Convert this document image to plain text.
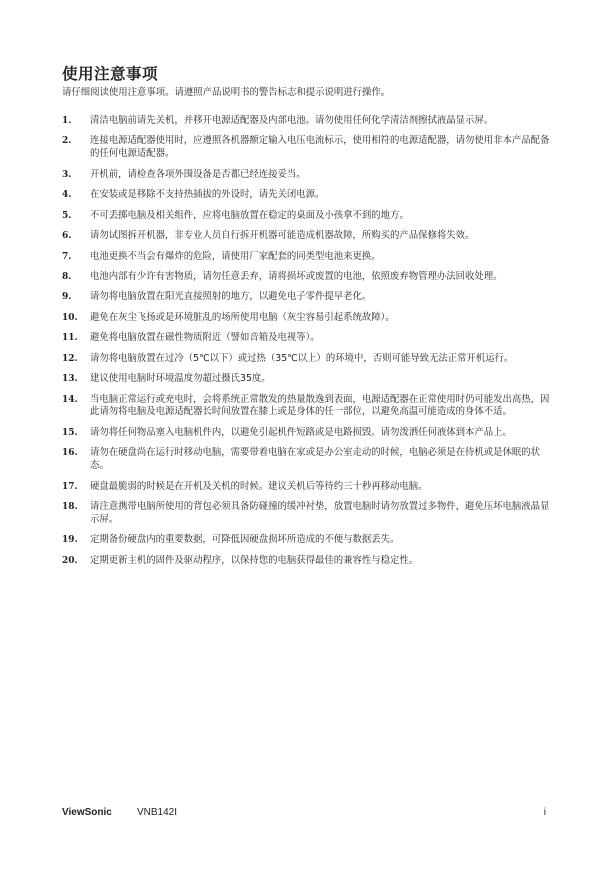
使用注意事项
请仔细阅读使用注意事项。请遵照产品说明书的警告标志和提示说明进行操作。
1.	清洁电脑前请先关机，并移开电源适配器及内部电池。请勿使用任何化学清洁剂擦拭液晶显示屏。
2.	连接电源适配器使用时，应遵照各机器额定输入电压电流标示，使用相符的电源适配器，请勿使用非本产品配备的任何电源适配器。
3.	开机前，请检查各项外围设备是否都已经连接妥当。
4.	在安装或是移除不支持热插拔的外设时，请先关闭电源。
5.	不可丢掷电脑及相关组件，应将电脑放置在稳定的桌面及小孩拿不到的地方。
6.	请勿试图拆开机器，非专业人员自行拆开机器可能造成机器故障，所购买的产品保修将失效。
7.	电池更换不当会有爆炸的危险，请使用厂家配套的同类型电池来更换。
8.	电池内部有少许有害物质，请勿任意丢弃，请将损坏或废置的电池，依照废弃物管理办法回收处理。
9.	请勿将电脑放置在阳光直接照射的地方，以避免电子零件提早老化。
10.	避免在灰尘飞扬或是环境脏乱的场所使用电脑（灰尘容易引起系统故障）。
11.	避免将电脑放置在磁性物质附近（譬如音箱及电视等）。
12.	请勿将电脑放置在过冷（5℃以下）或过热（35℃以上）的环境中，否则可能导致无法正常开机运行。
13.	建议使用电脑时环境温度勿超过摄氏35度。
14.	当电脑正常运行或充电时，会将系统正常散发的热量散逸到表面，电源适配器在正常使用时仍可能发出高热，因此请勿将电脑及电源适配器长时间放置在膝上或是身体的任一部位，以避免高温可能造成的身体不适。
15.	请勿将任何物品塞入电脑机件内，以避免引起机件短路或是电路损毁。请勿泼洒任何液体到本产品上。
16.	请勿在硬盘尚在运行时移动电脑，需要带着电脑在家或是办公室走动的时候，电脑必须是在待机或是休眠的状态。
17.	硬盘最脆弱的时候是在开机及关机的时候。建议关机后等待约三十秒再移动电脑。
18.	请注意携带电脑所使用的背包必须具备防碰撞的缓冲衬垫，放置电脑时请勿放置过多物件，避免压坏电脑液晶显示屏。
19.	定期备份硬盘内的重要数据，可降低因硬盘损坏所造成的不便与数据丢失。
20.	定期更新主机的固件及驱动程序，以保持您的电脑获得最佳的兼容性与稳定性。
ViewSonic	VNB142I	i
